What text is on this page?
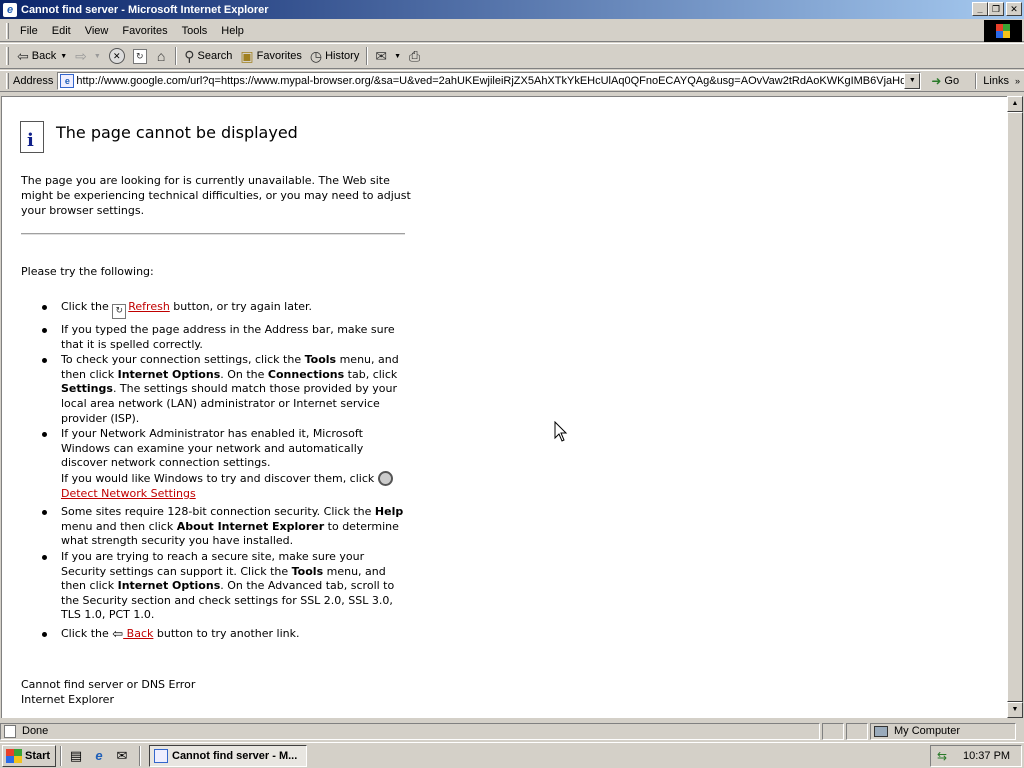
e Cannot find server - Microsoft Internet Explorer	_	❐	✕
File	Edit	View	Favorites	Tools	Help
⇦ Back ▼ ⇨ ▼	✕	↻ ⌂ ⚲ Search ▣ Favorites ◷ History ✉ ▼ ⎙
Address	e
http://www.google.com/url?q=https://www.mypal-browser.org/&sa=U&ved=2ahUKEwjileiRjZX5AhXTkYkEHcUlAq0QFnoECAYQAg&usg=AOvVaw2tRdAoKWKgIMB6VjaHq45i	▼	➜ Go Links »
i The page cannot be displayed
The page you are looking for is currently unavailable. The Web site might be experiencing technical difficulties, or you may need to adjust your browser settings.
Please try the following:
Click the ↻ Refresh button, or try again later.
If you typed the page address in the Address bar, make sure that it is spelled correctly.
To check your connection settings, click the Tools menu, and then click Internet Options. On the Connections tab, click Settings. The settings should match those provided by your local area network (LAN) administrator or Internet service provider (ISP).
If your Network Administrator has enabled it, Microsoft Windows can examine your network and automatically discover network connection settings.
If you would like Windows to try and discover them, click  Detect Network Settings
Some sites require 128-bit connection security. Click the Help menu and then click About Internet Explorer to determine what strength security you have installed.
If you are trying to reach a secure site, make sure your Security settings can support it. Click the Tools menu, and then click Internet Options. On the Advanced tab, scroll to the Security section and check settings for SSL 2.0, SSL 3.0, TLS 1.0, PCT 1.0.
Click the ⇦ Back button to try another link.
Cannot find server or DNS Error
Internet Explorer
▲
▼
Done	My Computer
Start ▤	e	✉	Cannot find server - M...	⇆	10:37 PM
